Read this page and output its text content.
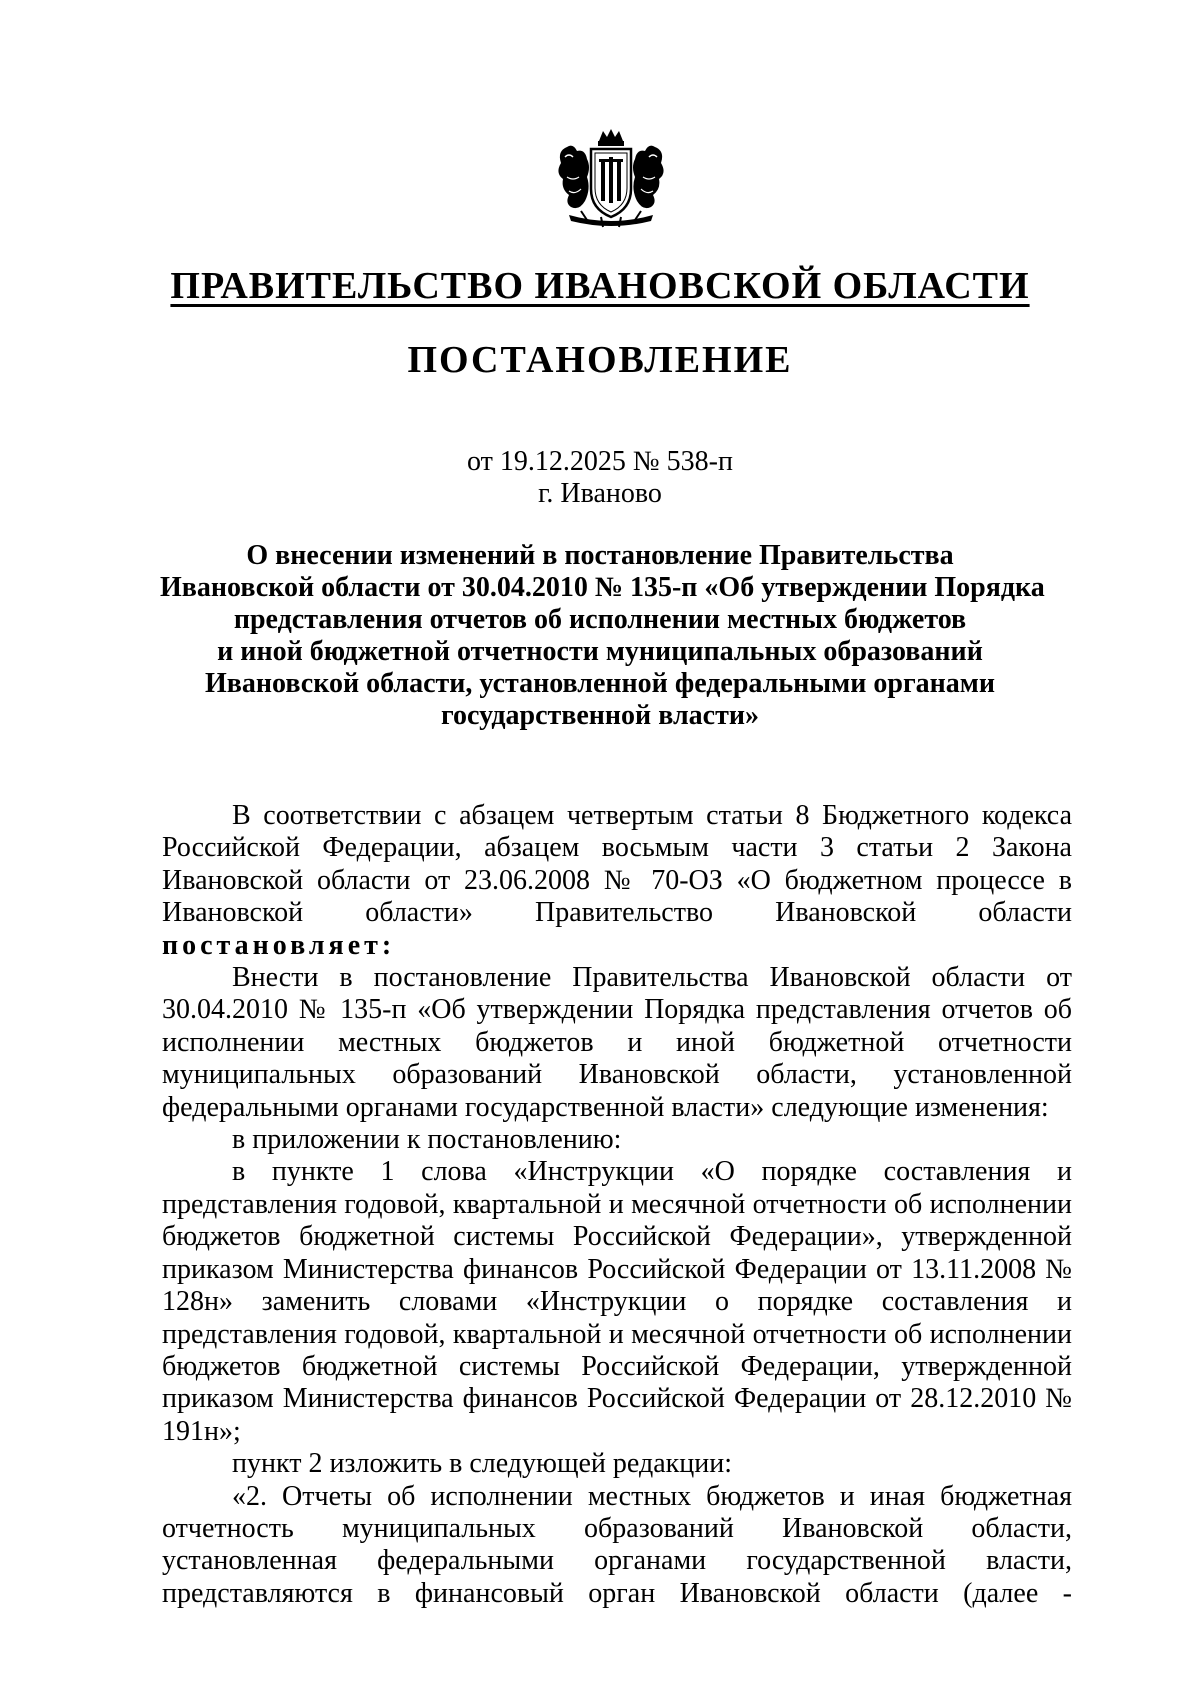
ПРАВИТЕЛЬСТВО ИВАНОВСКОЙ ОБЛАСТИ
ПОСТАНОВЛЕНИЕ
от 19.12.2025 № 538-п
г. Иваново
О внесении изменений в постановление Правительства
Ивановской области от 30.04.2010 № 135-п «Об утверждении Порядка
представления отчетов об исполнении местных бюджетов
и иной бюджетной отчетности муниципальных образований
Ивановской области, установленной федеральными органами
государственной власти»

В соответствии с абзацем четвертым статьи 8 Бюджетного кодекса Российской Федерации, абзацем восьмым части 3 статьи 2 Закона Ивановской области от 23.06.2008 № 70-ОЗ «О бюджетном процессе в Ивановской области» Правительство Ивановской области

постановляет:

Внести в постановление Правительства Ивановской области от 30.04.2010 № 135-п «Об утверждении Порядка представления отчетов об исполнении местных бюджетов и иной бюджетной отчетности муниципальных образований Ивановской области, установленной федеральными органами государственной власти» следующие изменения:

в приложении к постановлению:

в пункте 1 слова «Инструкции «О порядке составления и представления годовой, квартальной и месячной отчетности об исполнении бюджетов бюджетной системы Российской Федерации», утвержденной приказом Министерства финансов Российской Федерации от 13.11.2008 № 128н» заменить словами «Инструкции о порядке составления и представления годовой, квартальной и месячной отчетности об исполнении бюджетов бюджетной системы Российской Федерации, утвержденной приказом Министерства финансов Российской Федерации от 28.12.2010 № 191н»;

пункт 2 изложить в следующей редакции:

«2. Отчеты об исполнении местных бюджетов и иная бюджетная отчетность муниципальных образований Ивановской области, установленная федеральными органами государственной власти, представляются в финансовый орган Ивановской области (далее -
